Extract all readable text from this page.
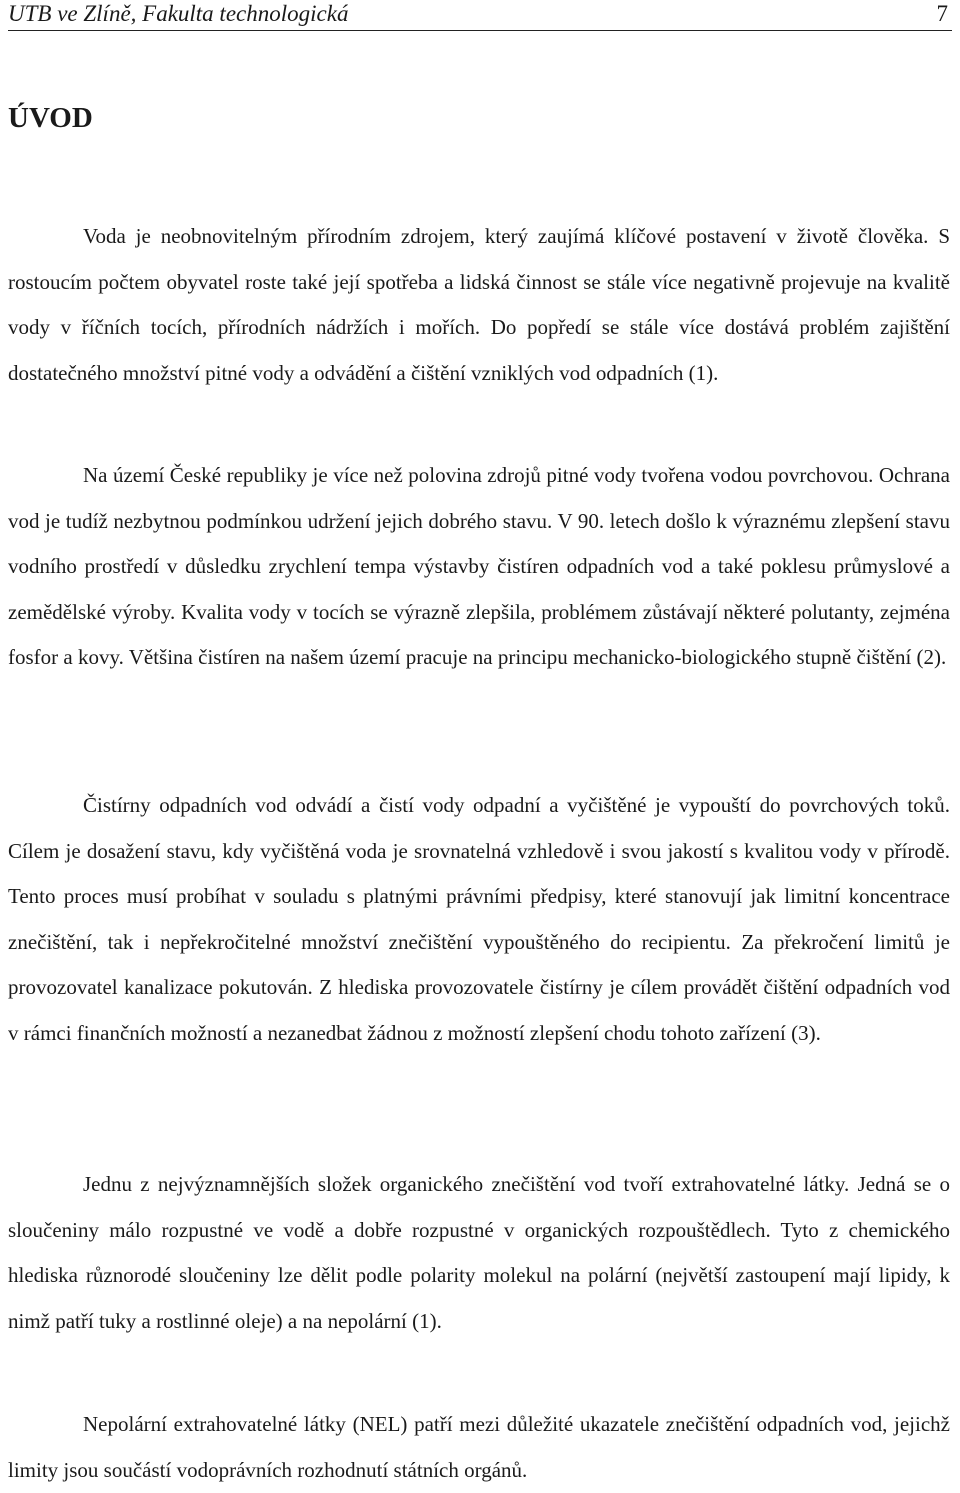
UTB ve Zlíně, Fakulta technologická	7
ÚVOD

Voda je neobnovitelným přírodním zdrojem, který zaujímá klíčové postavení v životě člověka. S rostoucím počtem obyvatel roste také její spotřeba a lidská činnost se stále více negativně projevuje na kvalitě vody v říčních tocích, přírodních nádržích i mořích. Do popředí se stále více dostává problém zajištění dostatečného množství pitné vody a odvádění a čištění vzniklých vod odpadních (1).

Na území České republiky je více než polovina zdrojů pitné vody tvořena vodou povrchovou. Ochrana vod je tudíž nezbytnou podmínkou udržení jejich dobrého stavu. V 90. letech došlo k výraznému zlepšení stavu vodního prostředí v důsledku zrychlení tempa výstavby čistíren odpadních vod a také poklesu průmyslové a zemědělské výroby. Kvalita vody v tocích se výrazně zlepšila, problémem zůstávají některé polutanty, zejména fosfor a kovy. Většina čistíren na našem území pracuje na principu mechanicko-biologického stupně čištění (2).

Čistírny odpadních vod odvádí a čistí vody odpadní a vyčištěné je vypouští do povrchových toků. Cílem je dosažení stavu, kdy vyčištěná voda je srovnatelná vzhledově i svou jakostí s kvalitou vody v přírodě. Tento proces musí probíhat v souladu s platnými právními předpisy, které stanovují jak limitní koncentrace znečištění, tak i nepřekročitelné množství znečištění vypouštěného do recipientu. Za překročení limitů je provozovatel kanalizace pokutován. Z hlediska provozovatele čistírny je cílem provádět čištění odpadních vod v rámci finančních možností a nezanedbat žádnou z možností zlepšení chodu tohoto zařízení (3).

Jednu z nejvýznamnějších složek organického znečištění vod tvoří extrahovatelné látky. Jedná se o sloučeniny málo rozpustné ve vodě a dobře rozpustné v organických rozpouštědlech. Tyto z chemického hlediska různorodé sloučeniny lze dělit podle polarity molekul na polární (největší zastoupení mají lipidy, k nimž patří tuky a rostlinné oleje) a na nepolární (1).

Nepolární extrahovatelné látky (NEL) patří mezi důležité ukazatele znečištění odpadních vod, jejichž limity jsou součástí vodoprávních rozhodnutí státních orgánů.
